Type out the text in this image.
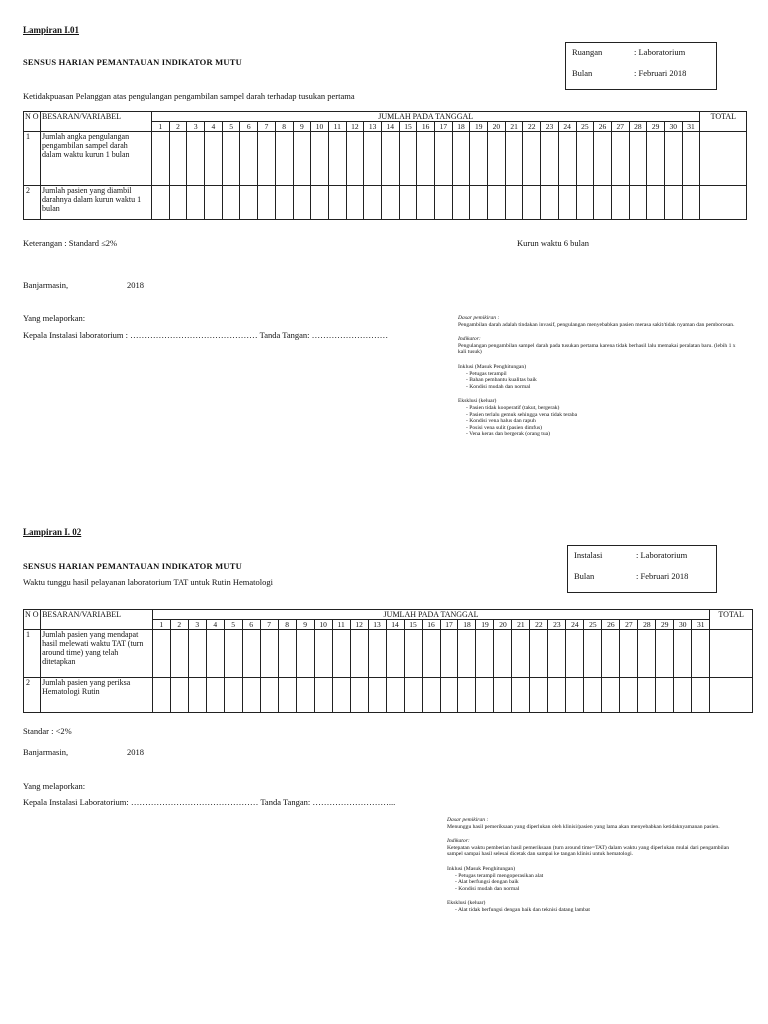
Lampiran I.01
SENSUS HARIAN PEMANTAUAN INDIKATOR MUTU
Ruangan	: Laboratorium
Bulan	: Februari 2018
Ketidakpuasan Pelanggan atas pengulangan pengambilan sampel darah terhadap tusukan pertama
N O	BESARAN/VARIABEL	JUMLAH PADA TANGGAL																															TOTAL
		1	2	3	4	5	6	7	8	9	10	11	12	13	14	15	16	17	18	19	20	21	22	23	24	25	26	27	28	29	30	31	
1	Jumlah angka pengulangan pengambilan sampel darah dalam waktu kurun 1 bulan																																
2	Jumlah pasien yang diambil darahnya dalam kurun waktu 1 bulan																																
Keterangan : Standard ≤2%	Kurun waktu 6 bulan
Banjarmasin,	2018
Yang melaporkan:
Kepala Instalasi laboratorium : ……………………………………… Tanda Tangan: ………………………
Dasar pemikiran :
Pengambilan darah adalah tindakan invasif, pengulangan menyebabkan pasien merasa sakit/tidak nyaman dan pemborosan.
Indikator:
Pengulangan pengambilan sampel darah pada tusukan pertama karena tidak berhasil lalu memakai peralatan baru. (lebih 1 x kali tusuk)
Inklusi (Masuk Penghitungan)
- Petugas terampil
- Bahan pembantu kualitas baik
- Kondisi mudah dan normal
Eksklusi (keluar)
- Pasien tidak kooperatif (takut, bergerak)
- Pasien terlalu gemuk sehingga vena tidak teraba
- Kondisi vena halus dan rapuh
- Posisi vena sulit (pasien dimfus)
- Vena keras dan bergerak (orang tua)
Lampiran I. 02
SENSUS HARIAN PEMANTAUAN INDIKATOR MUTU
Instalasi	: Laboratorium
Bulan	: Februari 2018
Waktu tunggu hasil pelayanan laboratorium TAT untuk Rutin Hematologi
N O	BESARAN/VARIABEL	JUMLAH PADA TANGGAL																															TOTAL
		1	2	3	4	5	6	7	8	9	10	11	12	13	14	15	16	17	18	19	20	21	22	23	24	25	26	27	28	29	30	31	
1	Jumlah pasien yang mendapat hasil melewati waktu TAT (turn around time) yang telah ditetapkan																																
2	Jumlah pasien yang periksa Hematologi Rutin																																
Standar : <2%
Banjarmasin,	2018
Yang melaporkan:
Kepala Instalasi Laboratorium: ……………………………………… Tanda Tangan: ………………………...
Dasar pemikiran :
Menunggu hasil pemeriksaan yang diperlukan oleh klinisi/pasien yang lama akan menyebabkan ketidaknyamanan pasien.
Indikator:
Ketepatan waktu pemberian hasil pemeriksaan (turn around time=TAT) dalam waktu yang diperlukan mulai dari pengambilan sampel sampai hasil selesai dicetak dan sampai ke tangan klinisi untuk hematologi.
Inklusi (Masuk Penghitungan)
- Petugas terampil mengoperasikan alat
- Alat berfungsi dengan baik
- Kondisi mudah dan normal
Eksklusi (keluar)
- Alat tidak berfungsi dengan baik dan teknisi datang lambat
